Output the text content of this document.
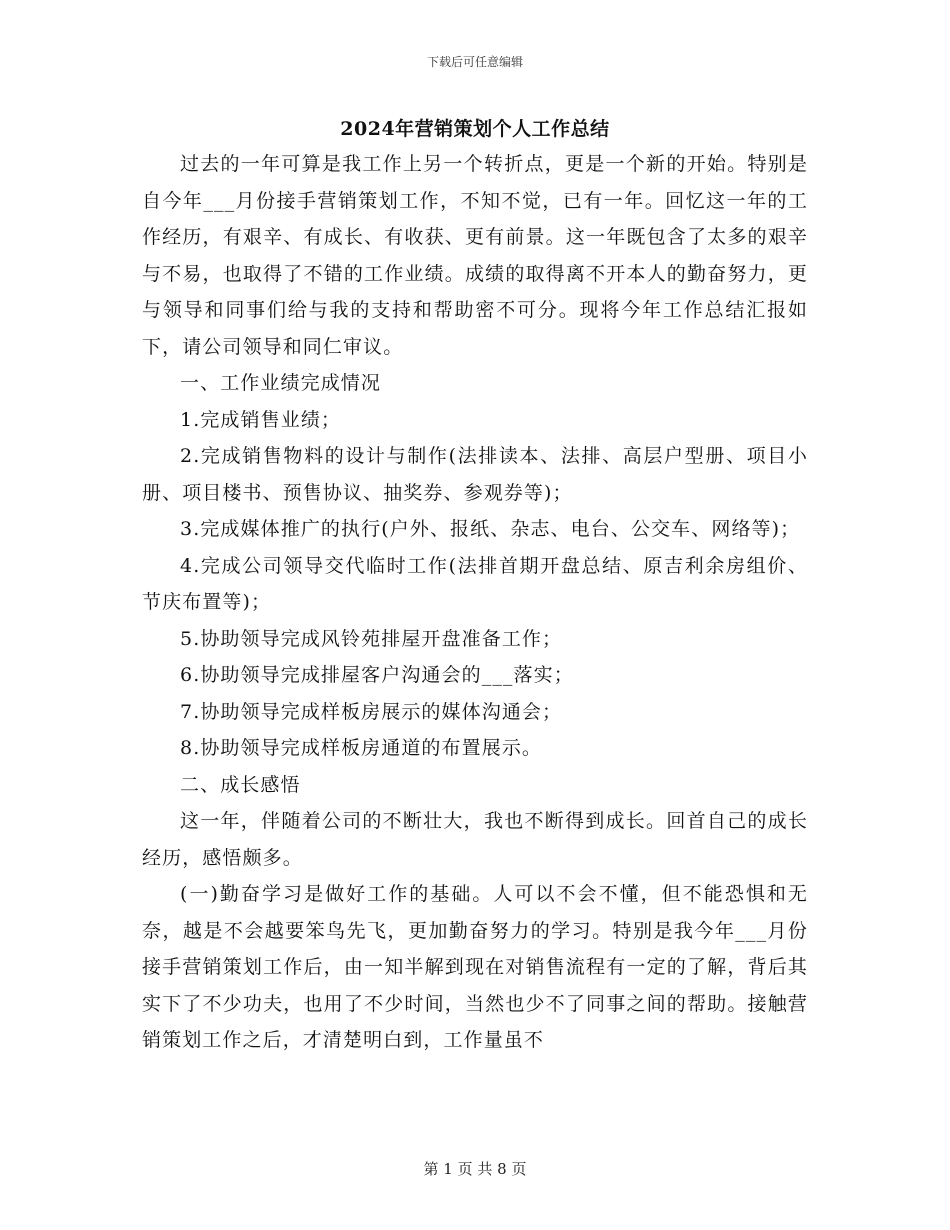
下载后可任意编辑
2024年营销策划个人工作总结

过去的一年可算是我工作上另一个转折点，更是一个新的开始。特别是自今年___月份接手营销策划工作，不知不觉，已有一年。回忆这一年的工作经历，有艰辛、有成长、有收获、更有前景。这一年既包含了太多的艰辛与不易，也取得了不错的工作业绩。成绩的取得离不开本人的勤奋努力，更与领导和同事们给与我的支持和帮助密不可分。现将今年工作总结汇报如下，请公司领导和同仁审议。

一、工作业绩完成情况

1.完成销售业绩；

2.完成销售物料的设计与制作(法排读本、法排、高层户型册、项目小册、项目楼书、预售协议、抽奖券、参观券等)；

3.完成媒体推广的执行(户外、报纸、杂志、电台、公交车、网络等)；

4.完成公司领导交代临时工作(法排首期开盘总结、原吉利余房组价、节庆布置等)；

5.协助领导完成风铃苑排屋开盘准备工作；

6.协助领导完成排屋客户沟通会的___落实；

7.协助领导完成样板房展示的媒体沟通会；

8.协助领导完成样板房通道的布置展示。

二、成长感悟

这一年，伴随着公司的不断壮大，我也不断得到成长。回首自己的成长经历，感悟颇多。

(一)勤奋学习是做好工作的基础。人可以不会不懂，但不能恐惧和无奈，越是不会越要笨鸟先飞，更加勤奋努力的学习。特别是我今年___月份接手营销策划工作后，由一知半解到现在对销售流程有一定的了解，背后其实下了不少功夫，也用了不少时间，当然也少不了同事之间的帮助。接触营销策划工作之后，才清楚明白到，工作量虽不

第 1 页 共 8 页
